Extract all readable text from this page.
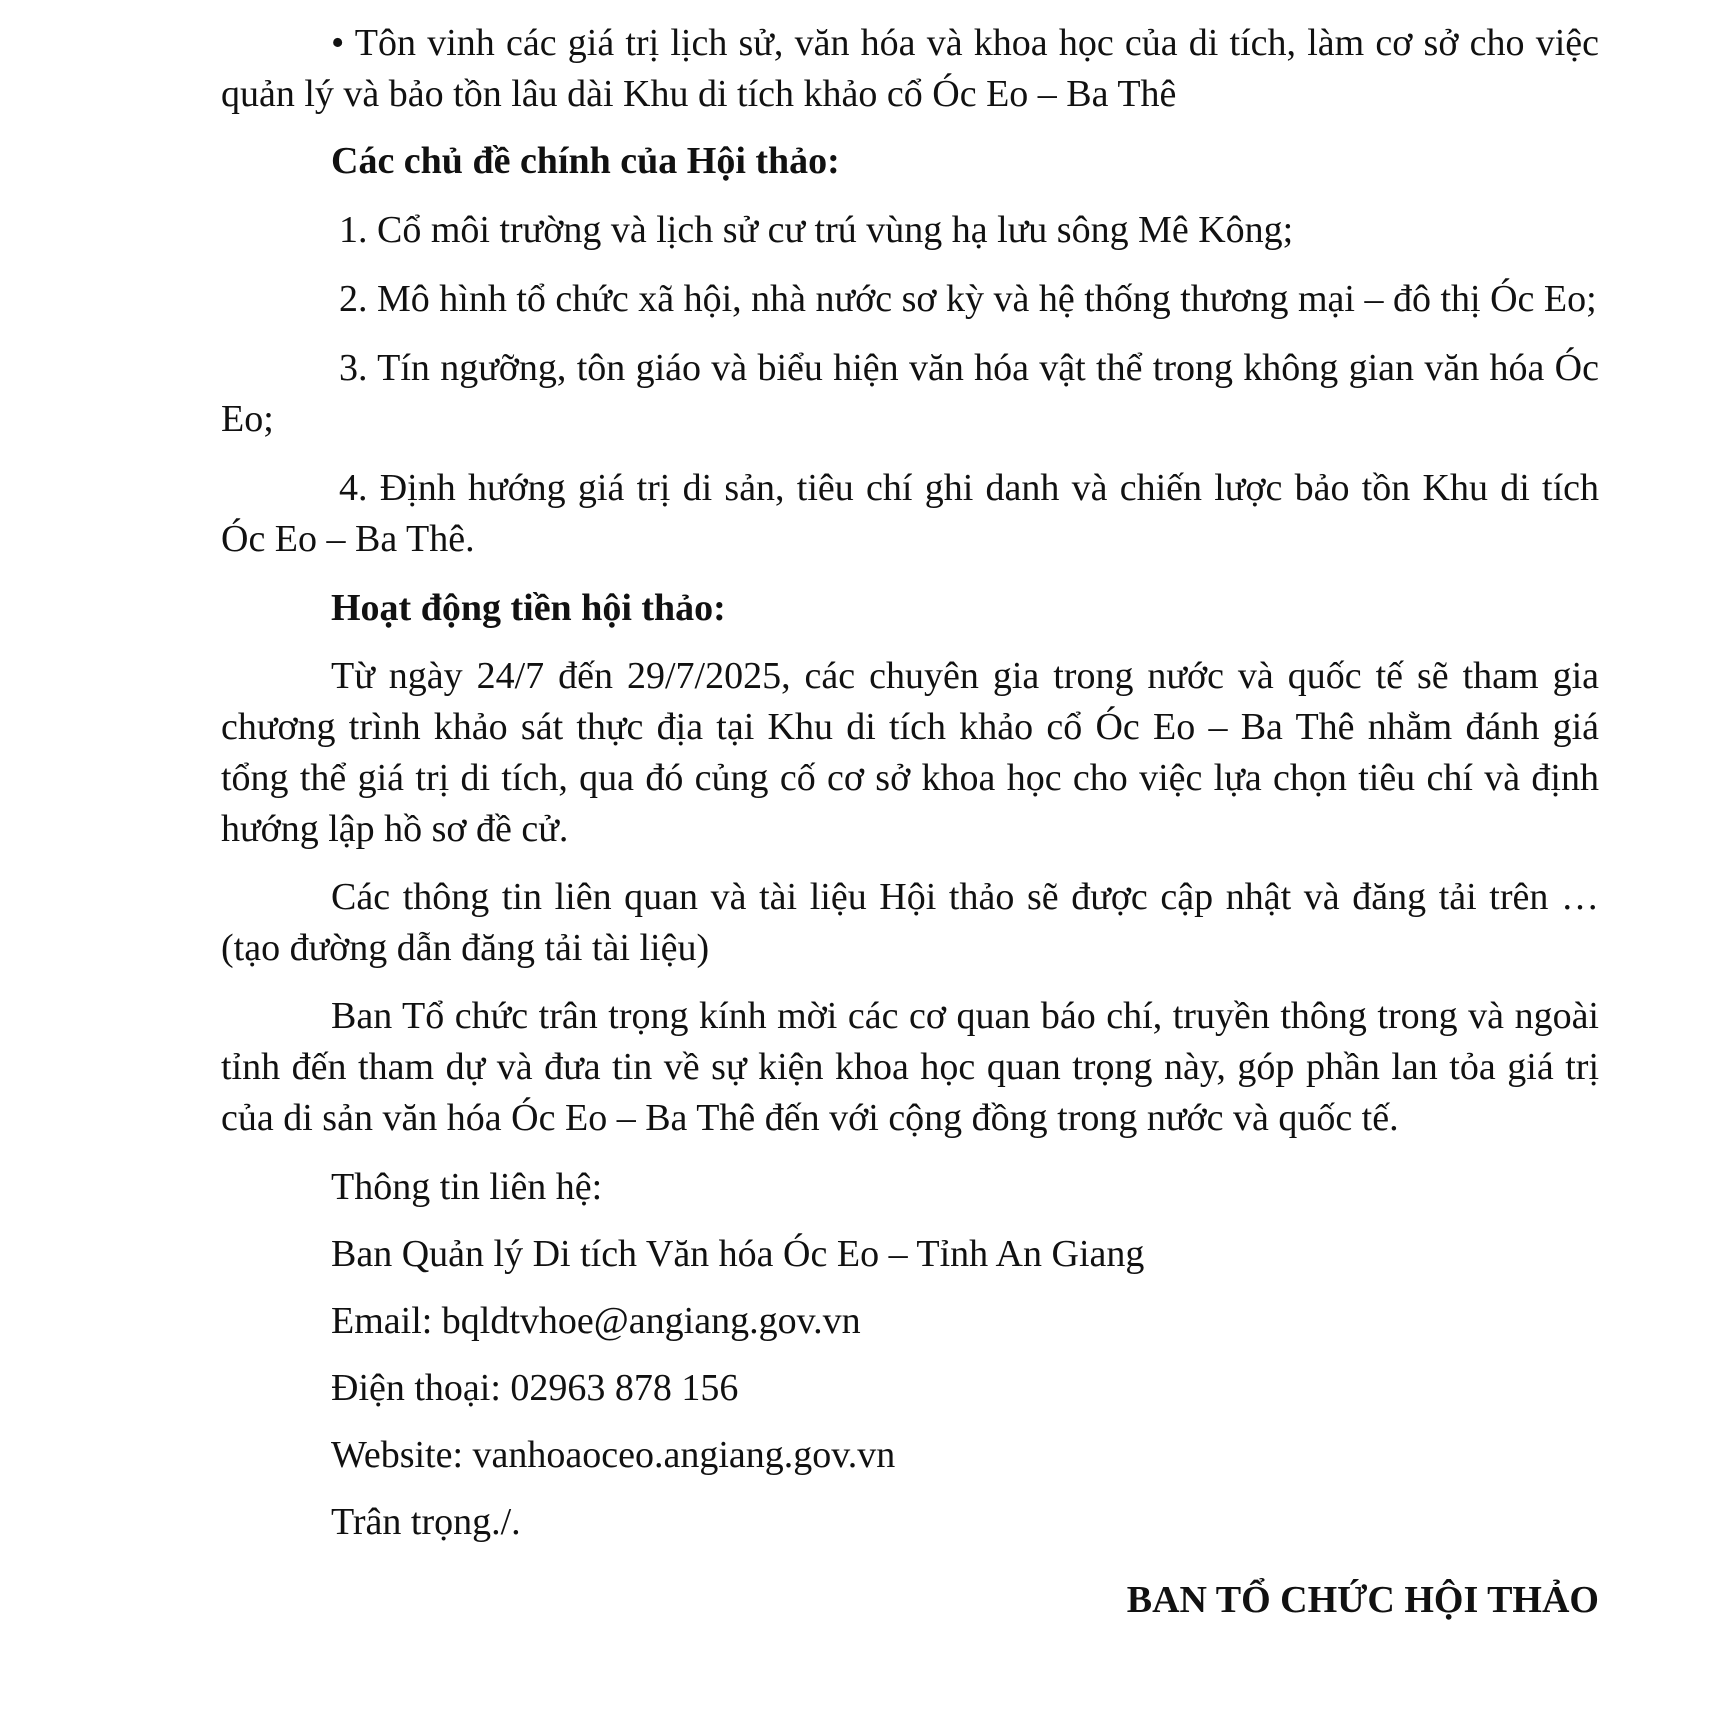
• Tôn vinh các giá trị lịch sử, văn hóa và khoa học của di tích, làm cơ sở cho việc quản lý và bảo tồn lâu dài Khu di tích khảo cổ Óc Eo – Ba Thê

Các chủ đề chính của Hội thảo:

1. Cổ môi trường và lịch sử cư trú vùng hạ lưu sông Mê Kông;

2. Mô hình tổ chức xã hội, nhà nước sơ kỳ và hệ thống thương mại – đô thị Óc Eo;

3. Tín ngưỡng, tôn giáo và biểu hiện văn hóa vật thể trong không gian văn hóa Óc Eo;

4. Định hướng giá trị di sản, tiêu chí ghi danh và chiến lược bảo tồn Khu di tích Óc Eo – Ba Thê.

Hoạt động tiền hội thảo:

Từ ngày 24/7 đến 29/7/2025, các chuyên gia trong nước và quốc tế sẽ tham gia chương trình khảo sát thực địa tại Khu di tích khảo cổ Óc Eo – Ba Thê nhằm đánh giá tổng thể giá trị di tích, qua đó củng cố cơ sở khoa học cho việc lựa chọn tiêu chí và định hướng lập hồ sơ đề cử.

Các thông tin liên quan và tài liệu Hội thảo sẽ được cập nhật và đăng tải trên … (tạo đường dẫn đăng tải tài liệu)

Ban Tổ chức trân trọng kính mời các cơ quan báo chí, truyền thông trong và ngoài tỉnh đến tham dự và đưa tin về sự kiện khoa học quan trọng này, góp phần lan tỏa giá trị của di sản văn hóa Óc Eo – Ba Thê đến với cộng đồng trong nước và quốc tế.

Thông tin liên hệ:

Ban Quản lý Di tích Văn hóa Óc Eo – Tỉnh An Giang

Email: bqldtvhoe@angiang.gov.vn

Điện thoại: 02963 878 156

Website: vanhoaoceo.angiang.gov.vn

Trân trọng./.

BAN TỔ CHỨC HỘI THẢO
